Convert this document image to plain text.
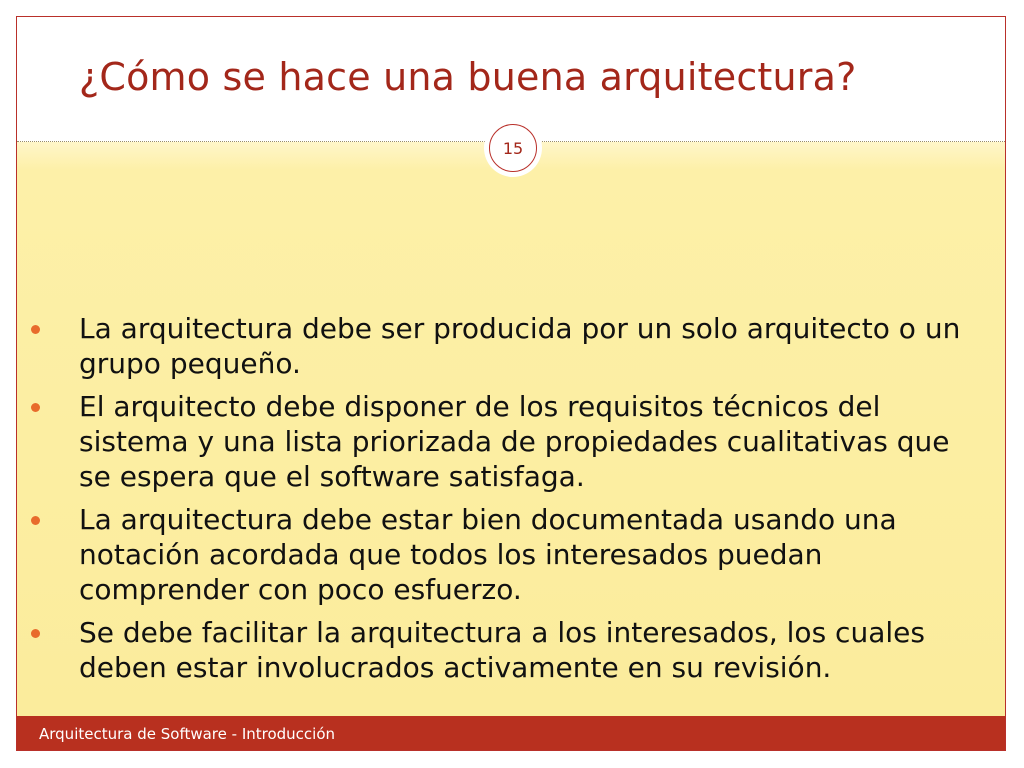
¿Cómo se hace una buena arquitectura?
La arquitectura debe ser producida por un solo arquitecto o un grupo pequeño.
El arquitecto debe disponer de los requisitos técnicos del sistema y una lista priorizada de propiedades cualitativas que se espera que el software satisfaga.
La arquitectura debe estar bien documentada usando una notación acordada que todos los interesados puedan comprender con poco esfuerzo.
Se debe facilitar la arquitectura a los interesados, los cuales deben estar involucrados activamente en su revisión.
15
Arquitectura de Software - Introducción
